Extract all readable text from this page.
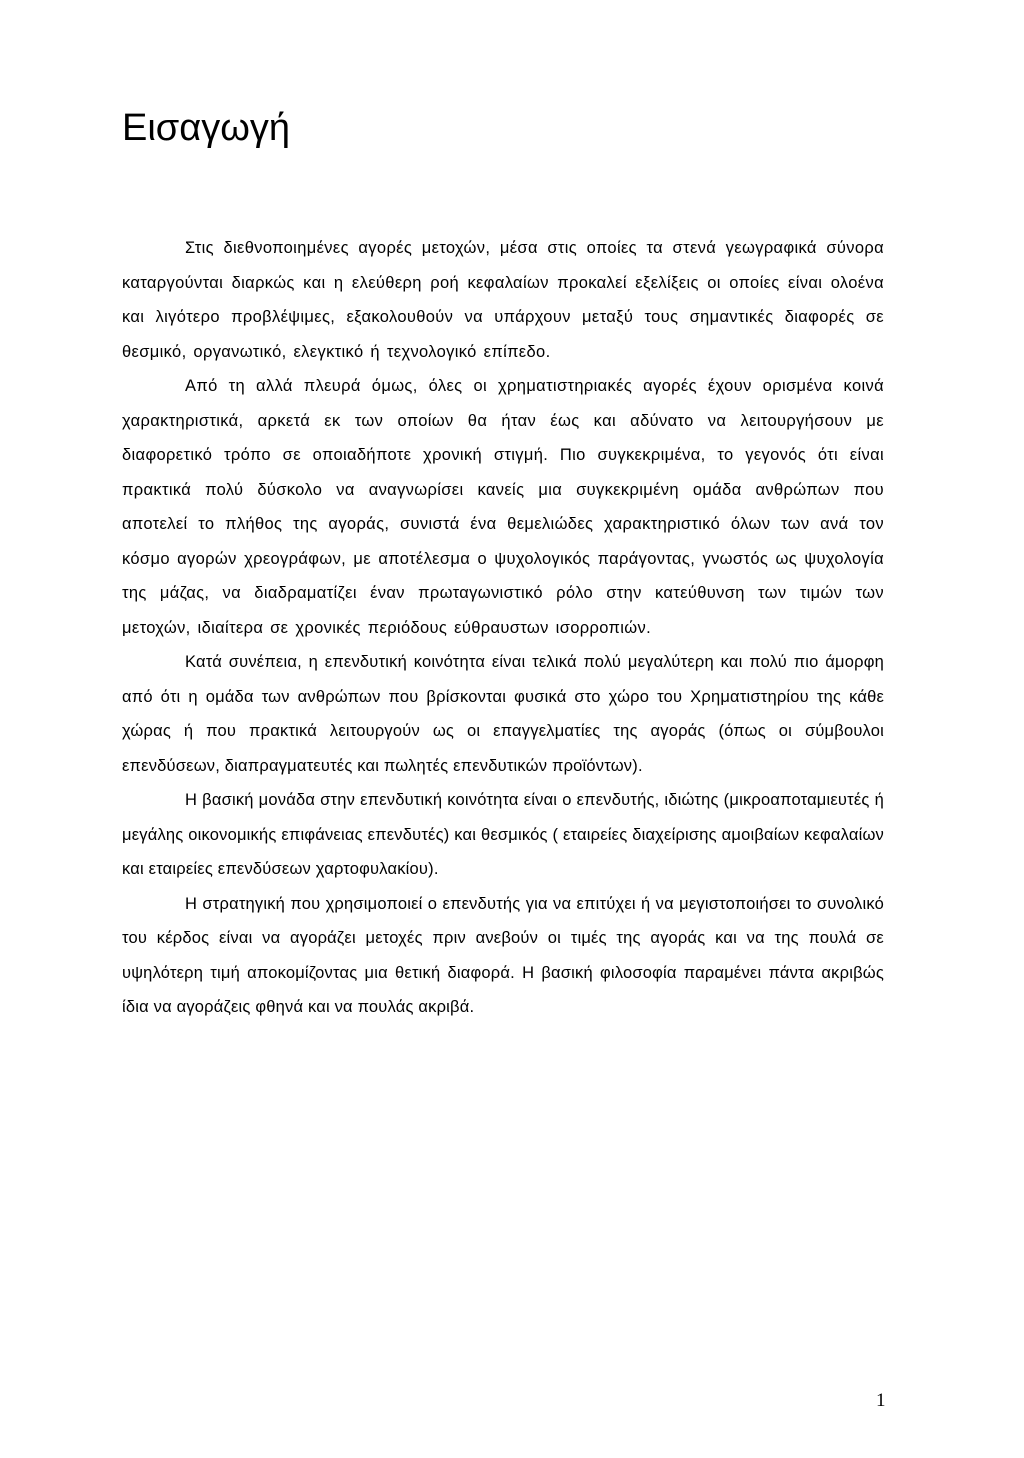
Εισαγωγή

Στις διεθνοποιημένες αγορές μετοχών, μέσα στις οποίες τα στενά γεωγραφικά σύνορα καταργούνται διαρκώς και η ελεύθερη ροή κεφαλαίων προκαλεί εξελίξεις οι οποίες είναι ολοένα και λιγότερο προβλέψιμες, εξακολουθούν να υπάρχουν μεταξύ τους σημαντικές διαφορές σε θεσμικό, οργανωτικό, ελεγκτικό ή τεχνολογικό επίπεδο.

Από τη αλλά πλευρά όμως, όλες οι χρηματιστηριακές αγορές έχουν ορισμένα κοινά χαρακτηριστικά, αρκετά εκ των οποίων θα ήταν έως και αδύνατο να λειτουργήσουν με διαφορετικό τρόπο σε οποιαδήποτε χρονική στιγμή. Πιο συγκεκριμένα, το γεγονός ότι είναι πρακτικά πολύ δύσκολο να αναγνωρίσει κανείς μια συγκεκριμένη ομάδα ανθρώπων που αποτελεί το πλήθος της αγοράς, συνιστά ένα θεμελιώδες χαρακτηριστικό όλων των ανά τον κόσμο αγορών χρεογράφων, με αποτέλεσμα ο ψυχολογικός παράγοντας, γνωστός ως ψυχολογία της μάζας, να διαδραματίζει έναν πρωταγωνιστικό ρόλο στην κατεύθυνση των τιμών των μετοχών, ιδιαίτερα σε χρονικές περιόδους εύθραυστων ισορροπιών.

Κατά συνέπεια, η επενδυτική κοινότητα είναι τελικά πολύ μεγαλύτερη και πολύ πιο άμορφη από ότι η ομάδα των ανθρώπων που βρίσκονται φυσικά στο χώρο του Χρηματιστηρίου της κάθε χώρας ή που πρακτικά λειτουργούν ως οι επαγγελματίες της αγοράς (όπως οι σύμβουλοι επενδύσεων, διαπραγματευτές και πωλητές επενδυτικών προϊόντων).

Η βασική μονάδα στην επενδυτική κοινότητα είναι ο επενδυτής, ιδιώτης (μικροαποταμιευτές ή μεγάλης οικονομικής επιφάνειας επενδυτές) και θεσμικός ( εταιρείες διαχείρισης αμοιβαίων κεφαλαίων και εταιρείες επενδύσεων χαρτοφυλακίου).

Η στρατηγική που χρησιμοποιεί ο επενδυτής για να επιτύχει ή να μεγιστοποιήσει το συνολικό του κέρδος είναι να αγοράζει μετοχές πριν ανεβούν οι τιμές της αγοράς και να της πουλά σε υψηλότερη τιμή αποκομίζοντας μια θετική διαφορά. Η βασική φιλοσοφία παραμένει πάντα ακριβώς ίδια να αγοράζεις φθηνά και να πουλάς ακριβά.

1
